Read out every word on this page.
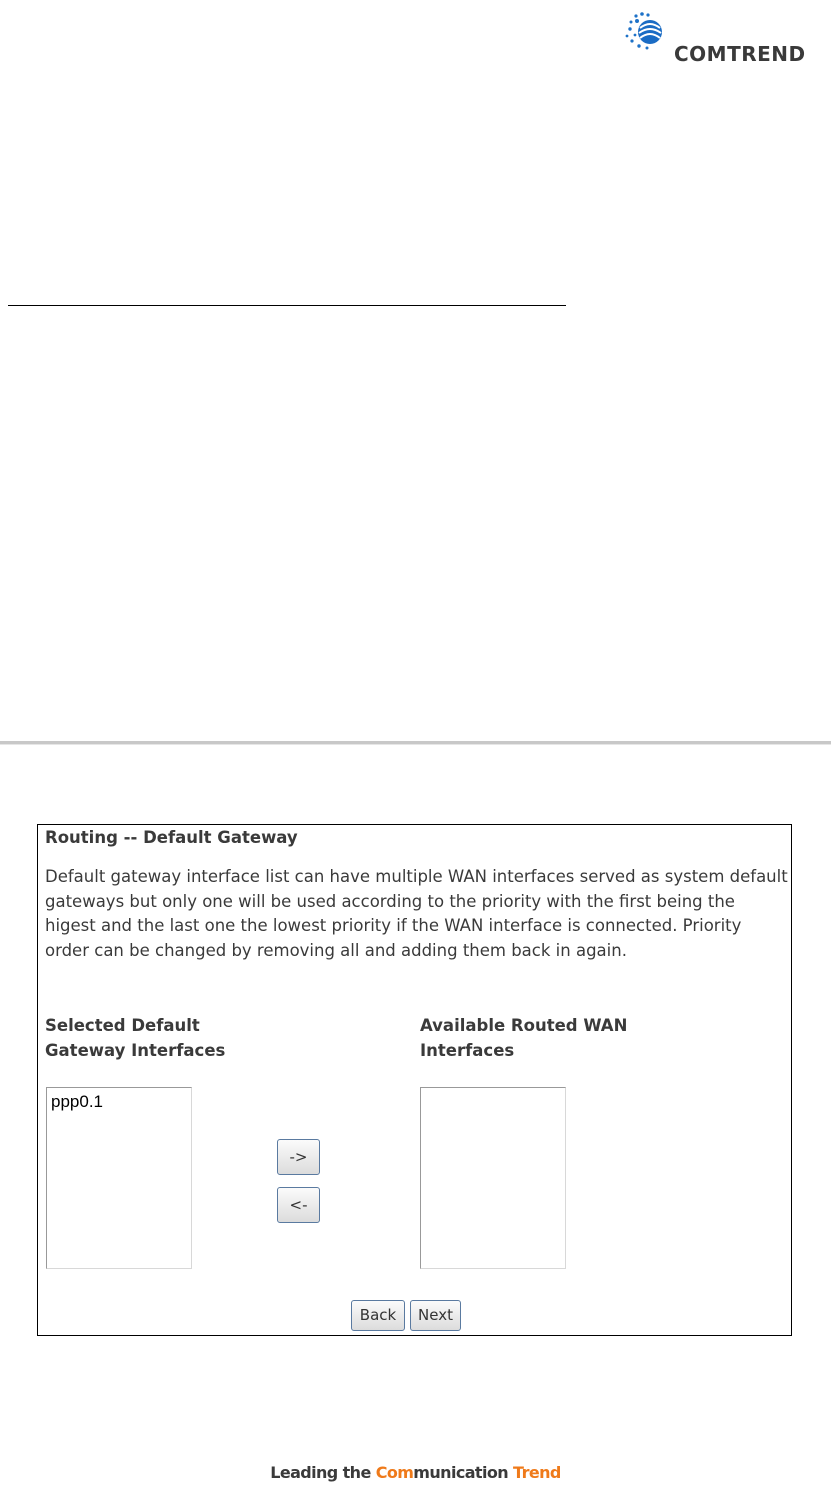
COMTREND
Routing -- Default Gateway
Default gateway interface list can have multiple WAN interfaces served as system default gateways but only one will be used according to the priority with the first being the higest and the last one the lowest priority if the WAN interface is connected. Priority order can be changed by removing all and adding them back in again.
Selected Default
Gateway Interfaces
Available Routed WAN
Interfaces
ppp0.1
->
<-
Back	Next
Leading the Communication Trend
